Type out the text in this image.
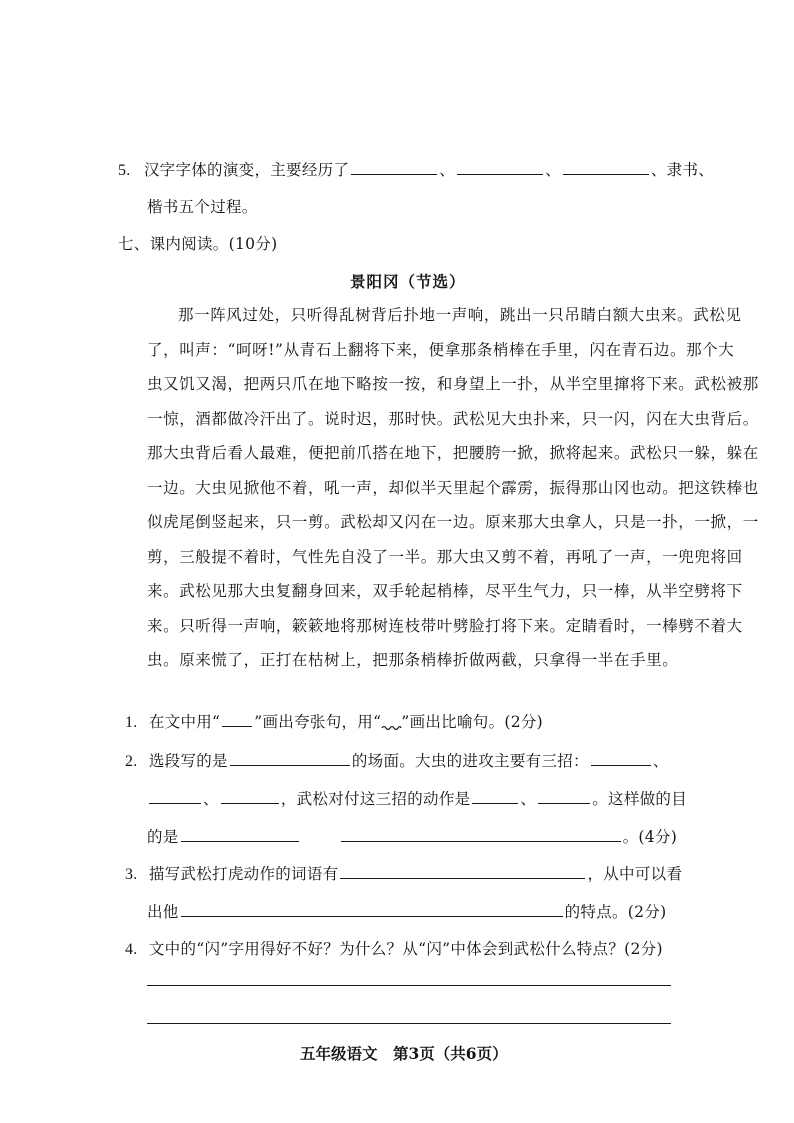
5. 汉字字体的演变，主要经历了	、	、	、隶书、
楷书五个过程。
七、课内阅读。(10分)
景阳冈（节选）
那一阵风过处，只听得乱树背后扑地一声响，跳出一只吊睛白额大虫来。武松见
了，叫声：“呵呀!”从青石上翻将下来，便拿那条梢棒在手里，闪在青石边。那个大
虫又饥又渴，把两只爪在地下略按一按，和身望上一扑，从半空里撺将下来。武松被那
一惊，酒都做冷汗出了。说时迟，那时快。武松见大虫扑来，只一闪，闪在大虫背后。
那大虫背后看人最难，便把前爪搭在地下，把腰胯一掀，掀将起来。武松只一躲，躲在
一边。大虫见掀他不着，吼一声，却似半天里起个霹雳，振得那山冈也动。把这铁棒也
似虎尾倒竖起来，只一剪。武松却又闪在一边。原来那大虫拿人，只是一扑，一掀，一
剪，三般提不着时，气性先自没了一半。那大虫又剪不着，再吼了一声，一兜兜将回
来。武松见那大虫复翻身回来，双手轮起梢棒，尽平生气力，只一棒，从半空劈将下
来。只听得一声响，簌簌地将那树连枝带叶劈脸打将下来。定睛看时，一棒劈不着大
虫。原来慌了，正打在枯树上，把那条梢棒折做两截，只拿得一半在手里。
1. 在文中用“ ”画出夸张句，用“ ”画出比喻句。(2分)
2. 选段写的是	的场面。大虫的进攻主要有三招：	、
、	，武松对付这三招的动作是	、	。这样做的目
的是	。(4分)
3. 描写武松打虎动作的词语有	，从中可以看
出他	的特点。(2分)
4. 文中的“闪”字用得好不好？为什么？从“闪”中体会到武松什么特点？(2分)
五年级语文　第3页（共6页）
